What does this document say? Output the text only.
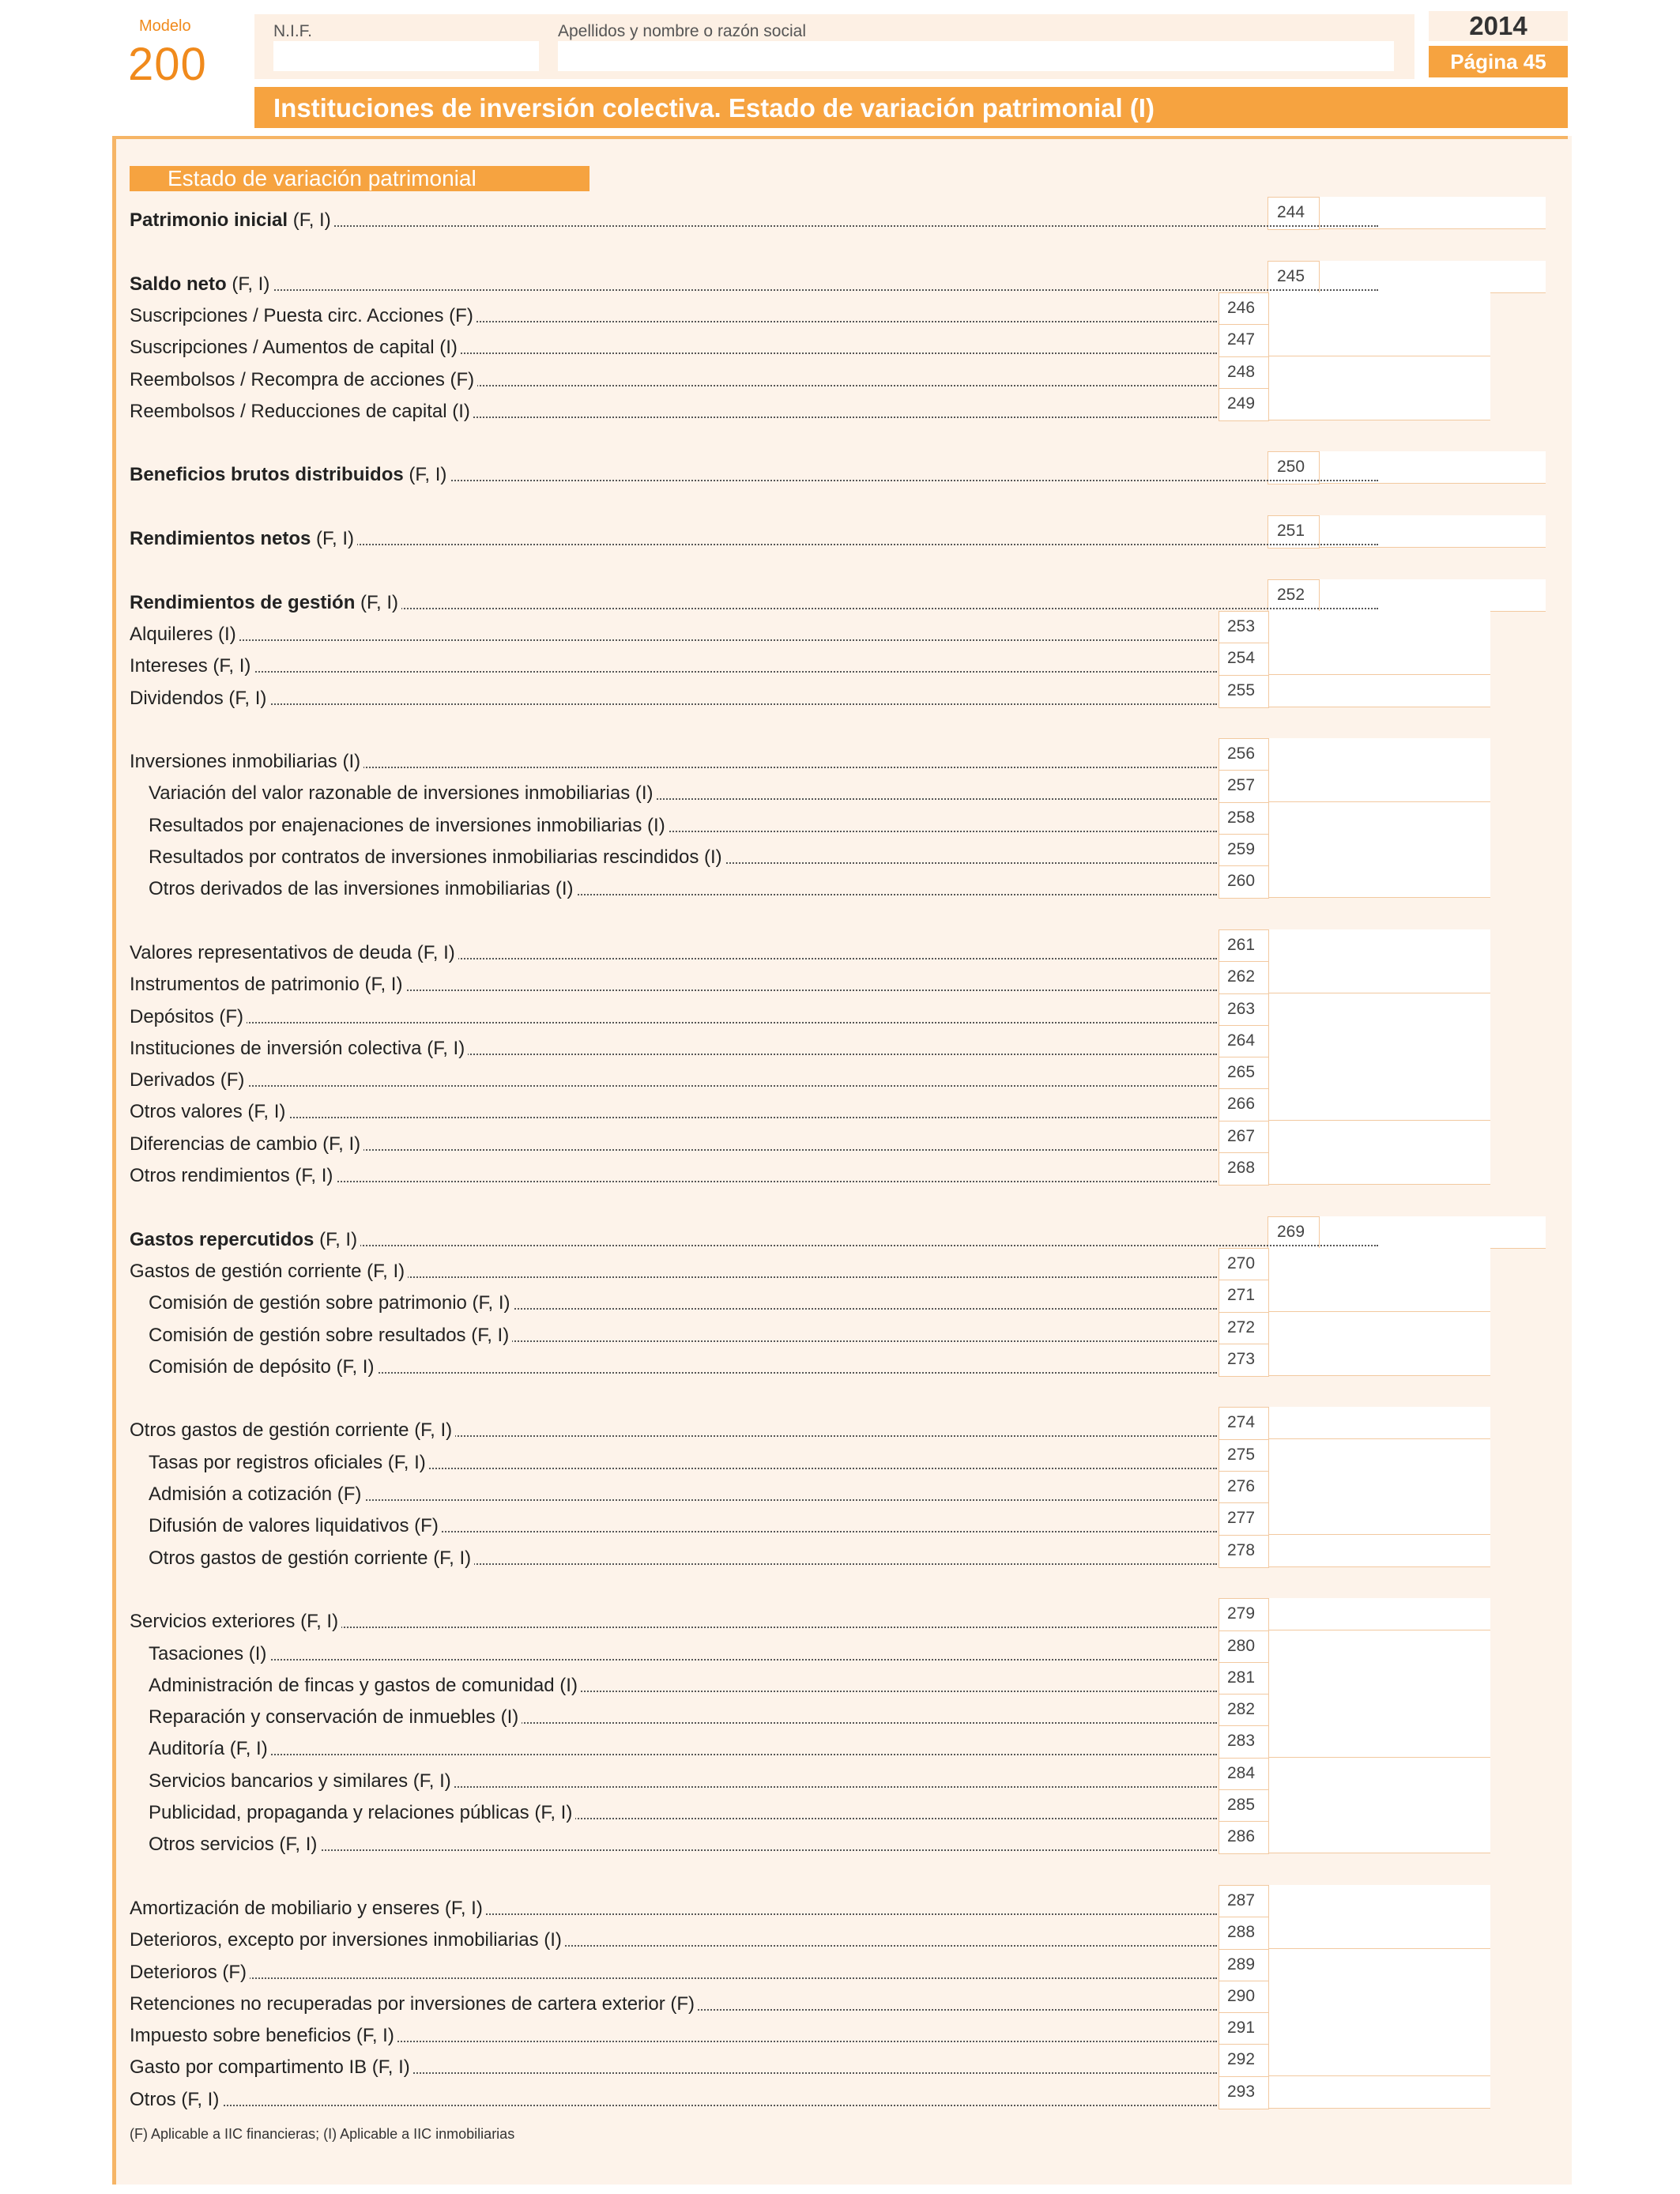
Modelo
200
N.I.F.	Apellidos y nombre o razón social	2014
Página 45
Instituciones de inversión colectiva. Estado de variación patrimonial (I)
Estado de variación patrimonial
Patrimonio inicial (F, I)
Saldo neto (F, I)
Suscripciones / Puesta circ. Acciones (F)
Suscripciones / Aumentos de capital (I)
Reembolsos / Recompra de acciones (F)
Reembolsos / Reducciones de capital (I)
Beneficios brutos distribuidos (F, I)
Rendimientos netos (F, I)
Rendimientos de gestión (F, I)
Alquileres (I)
Intereses (F, I)
Dividendos (F, I)
Inversiones inmobiliarias (I)
Variación del valor razonable de inversiones inmobiliarias (I)
Resultados por enajenaciones de inversiones inmobiliarias (I)
Resultados por contratos de inversiones inmobiliarias rescindidos (I)
Otros derivados de las inversiones inmobiliarias (I)
Valores representativos de deuda (F, I)
Instrumentos de patrimonio (F, I)
Depósitos (F)
Instituciones de inversión colectiva (F, I)
Derivados (F)
Otros valores (F, I)
Diferencias de cambio (F, I)
Otros rendimientos (F, I)
Gastos repercutidos (F, I)
Gastos de gestión corriente (F, I)
Comisión de gestión sobre patrimonio (F, I)
Comisión de gestión sobre resultados (F, I)
Comisión de depósito (F, I)
Otros gastos de gestión corriente (F, I)
Tasas por registros oficiales (F, I)
Admisión a cotización (F)
Difusión de valores liquidativos (F)
Otros gastos de gestión corriente (F, I)
Servicios exteriores (F, I)
Tasaciones (I)
Administración de fincas y gastos de comunidad (I)
Reparación y conservación de inmuebles (I)
Auditoría (F, I)
Servicios bancarios y similares (F, I)
Publicidad, propaganda y relaciones públicas (F, I)
Otros servicios (F, I)
Amortización de mobiliario y enseres (F, I)
Deterioros, excepto por inversiones inmobiliarias (I)
Deterioros (F)
Retenciones no recuperadas por inversiones de cartera exterior (F)
Impuesto sobre beneficios (F, I)
Gasto por compartimento IB (F, I)
Otros (F, I)
(F) Aplicable a IIC financieras; (I) Aplicable a IIC inmobiliarias
244
245
246
247
248
249
250
251
252
253
254
255
256
257
258
259
260
261
262
263
264
265
266
267
268
269
270
271
272
273
274
275
276
277
278
279
280
281
282
283
284
285
286
287
288
289
290
291
292
293
